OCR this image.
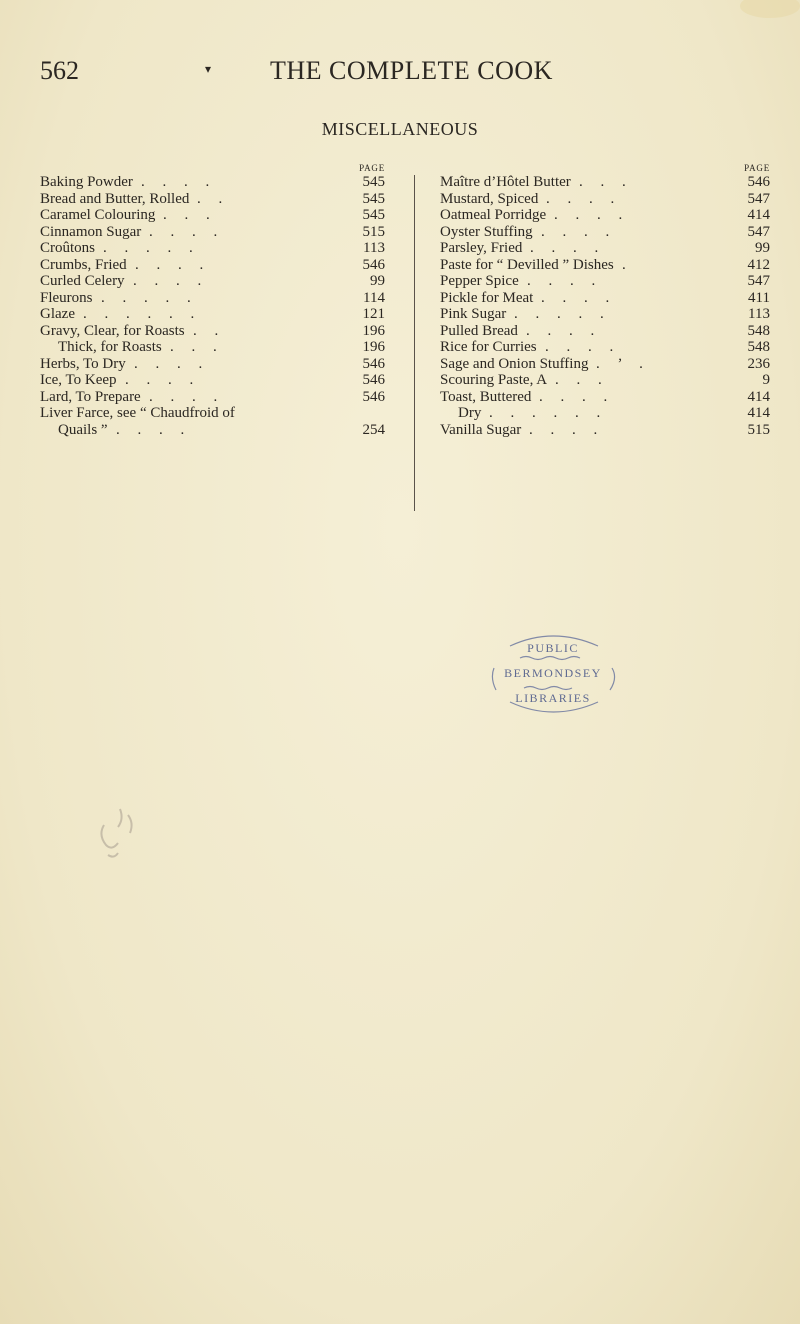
562	▾ THE COMPLETE COOK
MISCELLANEOUS
PAGE
Baking Powder . . . .	545
Bread and Butter, Rolled . .	545
Caramel Colouring . . .	545
Cinnamon Sugar . . . .	515
Croûtons . . . . .	113
Crumbs, Fried . . . .	546
Curled Celery . . . .	99
Fleurons . . . . .	114
Glaze . . . . . .	121
Gravy, Clear, for Roasts . .	196
Thick, for Roasts . . .	196
Herbs, To Dry . . . .	546
Ice, To Keep . . . .	546
Lard, To Prepare . . . .	546
Liver Farce, see “ Chaudfroid of
Quails ” . . . .	254
PAGE
Maître d’Hôtel Butter . . .	546
Mustard, Spiced . . . .	547
Oatmeal Porridge . . . .	414
Oyster Stuffing . . . .	547
Parsley, Fried . . . .	99
Paste for “ Devilled ” Dishes .	412
Pepper Spice . . . .	547
Pickle for Meat . . . .	411
Pink Sugar . . . . .	113
Pulled Bread . . . .	548
Rice for Curries . . . .	548
Sage and Onion Stuffing . ’ .	236
Scouring Paste, A . . .	9
Toast, Buttered . . . .	414
Dry . . . . . .	414
Vanilla Sugar . . . .	515
PUBLIC
BERMONDSEY
LIBRARIES
